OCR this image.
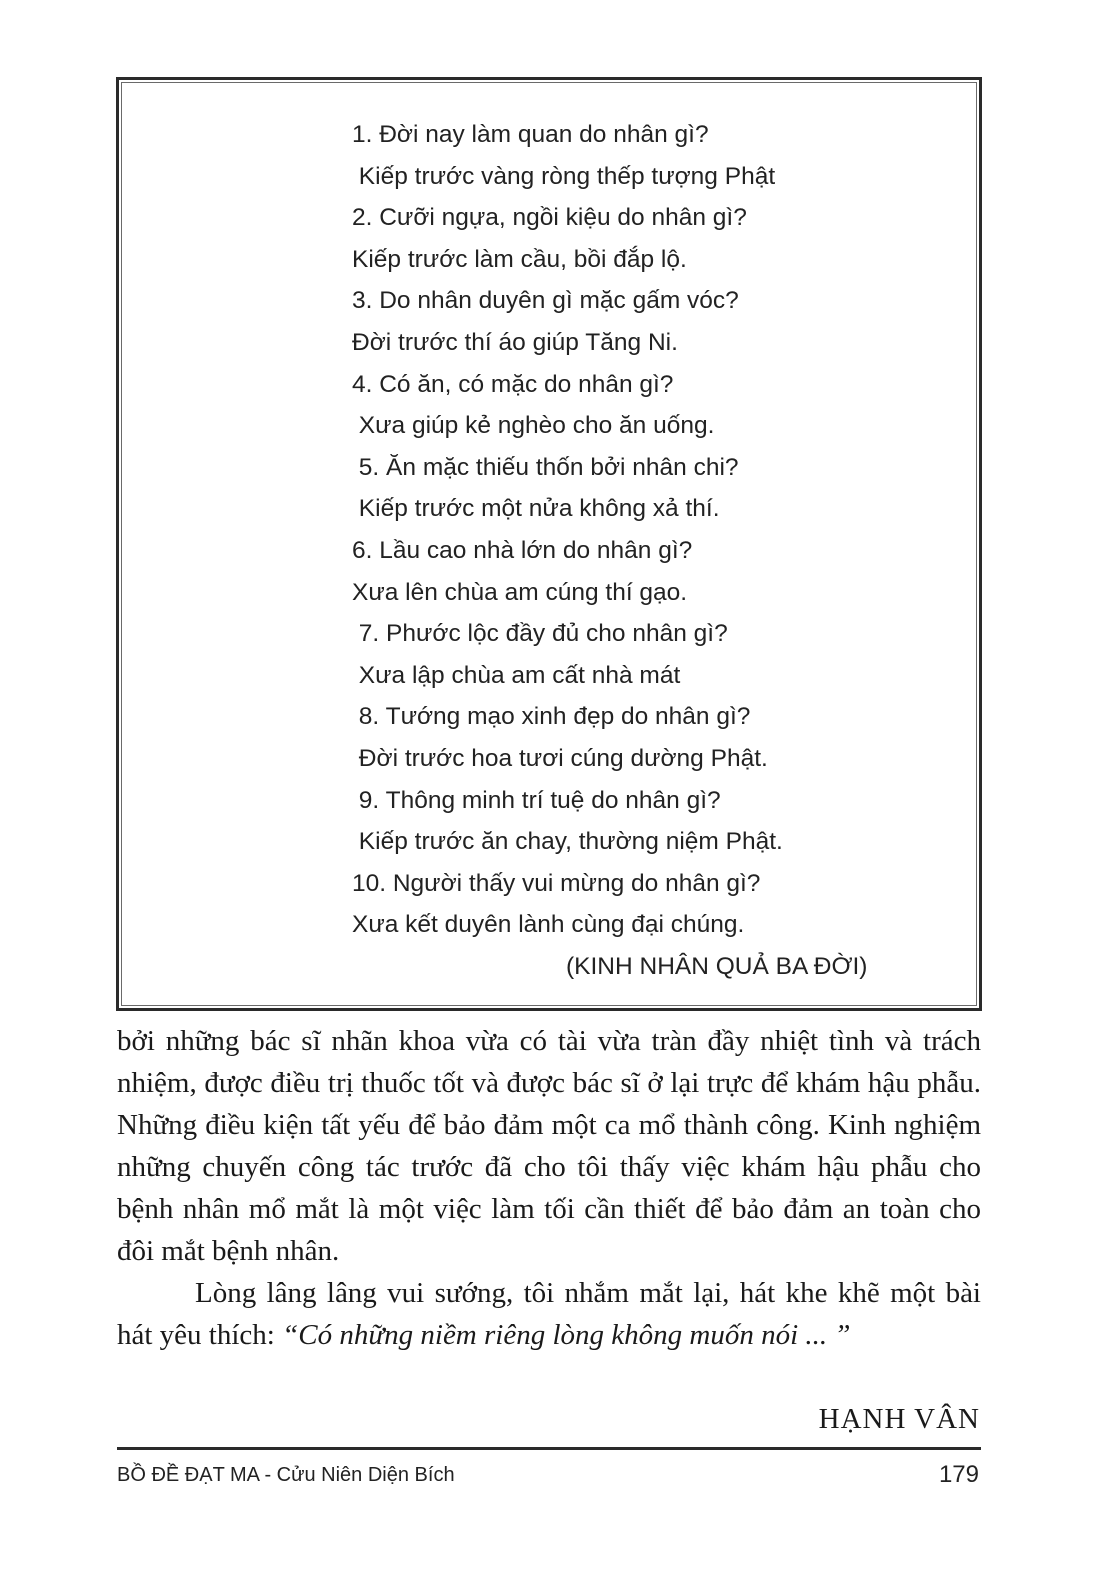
1. Đời nay làm quan do nhân gì?
Kiếp trước vàng ròng thếp tượng Phật
2. Cưỡi ngựa, ngồi kiệu do nhân gì?
Kiếp trước làm cầu, bồi đắp lộ.
3. Do nhân duyên gì mặc gấm vóc?
Đời trước thí áo giúp Tăng Ni.
4. Có ăn, có mặc do nhân gì?
Xưa giúp kẻ nghèo cho ăn uống.
5. Ăn mặc thiếu thốn bởi nhân chi?
Kiếp trước một nửa không xả thí.
6. Lầu cao nhà lớn do nhân gì?
Xưa lên chùa am cúng thí gạo.
7. Phước lộc đầy đủ cho nhân gì?
Xưa lập chùa am cất nhà mát
8. Tướng mạo xinh đẹp do nhân gì?
Đời trước hoa tươi cúng dường Phật.
9. Thông minh trí tuệ do nhân gì?
Kiếp trước ăn chay, thường niệm Phật.
10. Người thấy vui mừng do nhân gì?
Xưa kết duyên lành cùng đại chúng.
(KINH NHÂN QUẢ BA ĐỜI)

bởi những bác sĩ nhãn khoa vừa có tài vừa tràn đầy nhiệt tình và trách nhiệm, được điều trị thuốc tốt và được bác sĩ ở lại trực để khám hậu phẫu. Những điều kiện tất yếu để bảo đảm một ca mổ thành công. Kinh nghiệm những chuyến công tác trước đã cho tôi thấy việc khám hậu phẫu cho bệnh nhân mổ mắt là một việc làm tối cần thiết để bảo đảm an toàn cho đôi mắt bệnh nhân.

Lòng lâng lâng vui sướng, tôi nhắm mắt lại, hát khe khẽ một bài hát yêu thích: “Có những niềm riêng lòng không muốn nói ... ”

HẠNH VÂN
BỒ ĐỀ ĐẠT MA - Cửu Niên Diện Bích	179
